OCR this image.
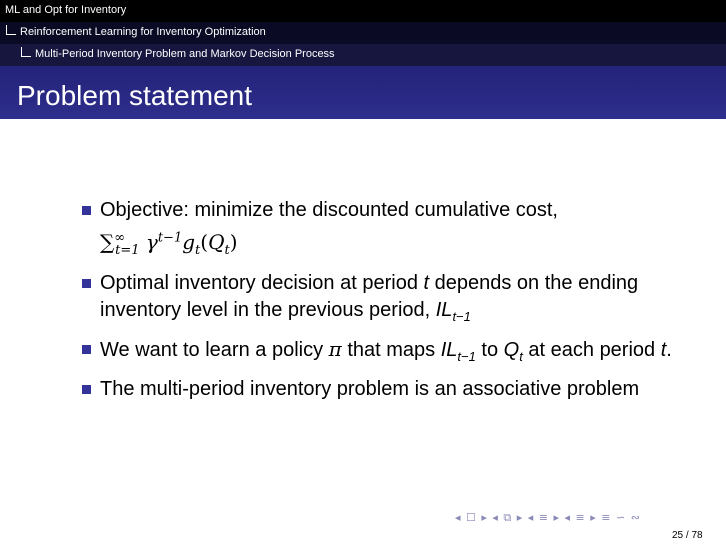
ML and Opt for Inventory
Reinforcement Learning for Inventory Optimization
Multi-Period Inventory Problem and Markov Decision Process
Problem statement
Objective: minimize the discounted cumulative cost,
$\sum^\infty_{t=1}$ $\gamma^{t-1}g_t(Q_t)$
Optimal inventory decision at period t depends on the ending inventory level in the previous period, $IL_{t-1}$
We want to learn a policy π that maps $IL_{t-1}$ to $Q_t$ at each period t.
The multi-period inventory problem is an associative problem
◂ ☐ ▸ ◂ ⧉ ▸ ◂ ≡ ▸ ◂ ≡ ▸ ≡ ∽ ∾
25 / 78
